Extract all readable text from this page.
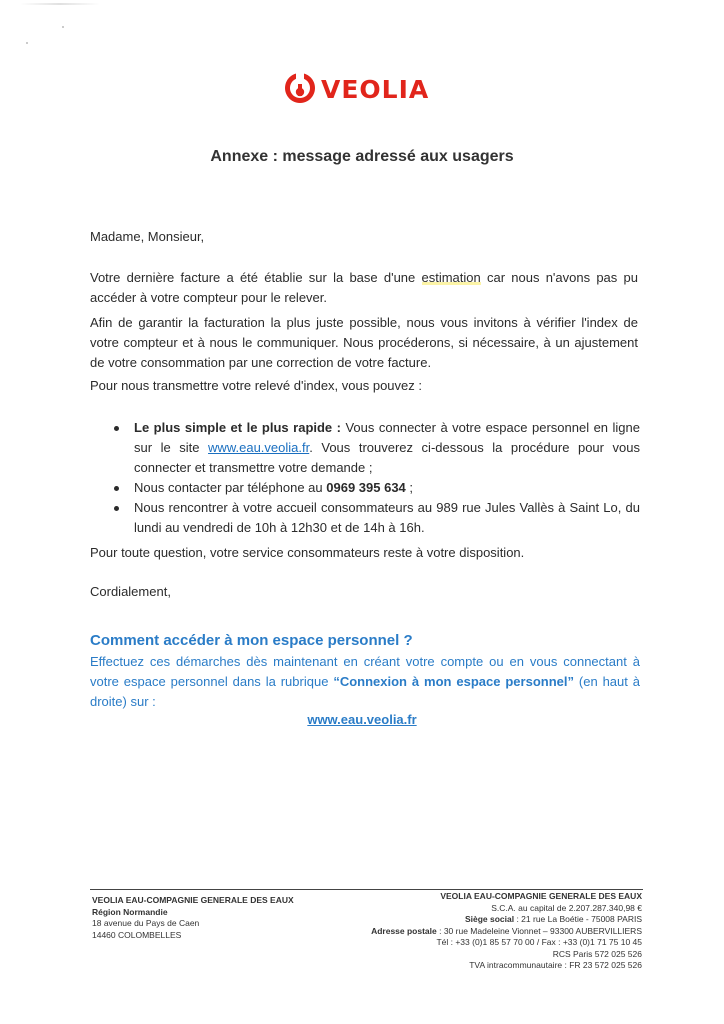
VEOLIA
Annexe : message adressé aux usagers
Madame, Monsieur,
Votre dernière facture a été établie sur la base d'une estimation car nous n'avons pas pu accéder à votre compteur pour le relever.
Afin de garantir la facturation la plus juste possible, nous vous invitons à vérifier l'index de votre compteur et à nous le communiquer. Nous procéderons, si nécessaire, à un ajustement de votre consommation par une correction de votre facture.
Pour nous transmettre votre relevé d'index, vous pouvez :
Le plus simple et le plus rapide : Vous connecter à votre espace personnel en ligne sur le site www.eau.veolia.fr. Vous trouverez ci-dessous la procédure pour vous connecter et transmettre votre demande ;
Nous contacter par téléphone au 0969 395 634 ;
Nous rencontrer à votre accueil consommateurs au 989 rue Jules Vallès à Saint Lo, du lundi au vendredi de 10h à 12h30 et de 14h à 16h.
Pour toute question, votre service consommateurs reste à votre disposition.
Cordialement,
Comment accéder à mon espace personnel ?
Effectuez ces démarches dès maintenant en créant votre compte ou en vous connectant à votre espace personnel dans la rubrique “Connexion à mon espace personnel” (en haut à droite) sur :
www.eau.veolia.fr
VEOLIA EAU-COMPAGNIE GENERALE DES EAUX
Région Normandie
18 avenue du Pays de Caen
14460 COLOMBELLES
VEOLIA EAU-COMPAGNIE GENERALE DES EAUX
S.C.A. au capital de 2.207.287.340,98 €
Siège social : 21 rue La Boétie - 75008 PARIS
Adresse postale : 30 rue Madeleine Vionnet – 93300 AUBERVILLIERS
Tél : +33 (0)1 85 57 70 00 / Fax : +33 (0)1 71 75 10 45
RCS Paris 572 025 526
TVA intracommunautaire : FR 23 572 025 526
